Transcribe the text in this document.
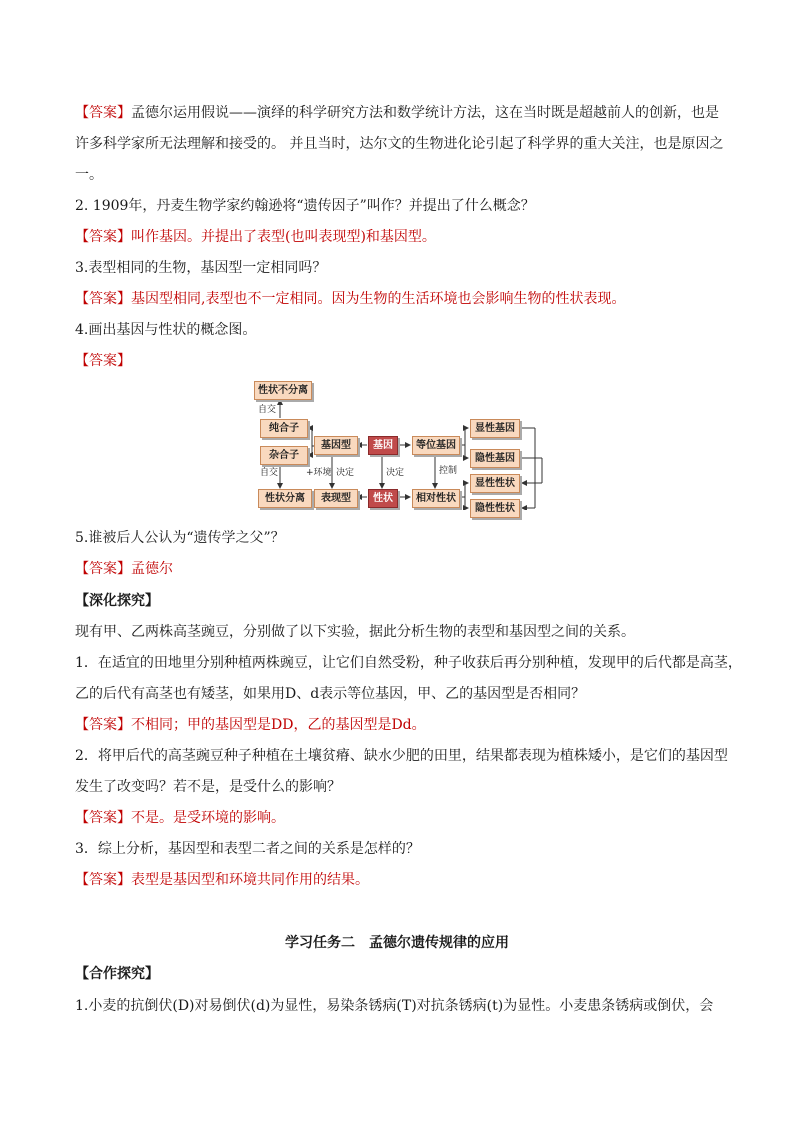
【答案】孟德尔运用假说——演绎的科学研究方法和数学统计方法，这在当时既是超越前人的创新，也是
许多科学家所无法理解和接受的。 并且当时，达尔文的生物进化论引起了科学界的重大关注，也是原因之
一。
2. 1909年，丹麦生物学家约翰逊将“遗传因子”叫作？并提出了什么概念？
【答案】叫作基因。并提出了表型(也叫表现型)和基因型。
3.表型相同的生物，基因型一定相同吗？
【答案】基因型相同,表型也不一定相同。因为生物的生活环境也会影响生物的性状表现。
4.画出基因与性状的概念图。
【答案】
性状不分离
纯合子
杂合子
性状分离
基因型
表现型
基因
性状
等位基因
相对性状
显性基因
隐性基因
显性性状
隐性性状
自交
自交	+环境 决定	决定	控制
5.谁被后人公认为“遗传学之父”？
【答案】孟德尔
【深化探究】
现有甲、乙两株高茎豌豆，分别做了以下实验，据此分析生物的表型和基因型之间的关系。
1．在适宜的田地里分别种植两株豌豆，让它们自然受粉，种子收获后再分别种植，发现甲的后代都是高茎，
乙的后代有高茎也有矮茎，如果用D、d表示等位基因，甲、乙的基因型是否相同？
【答案】不相同；甲的基因型是DD，乙的基因型是Dd。
2．将甲后代的高茎豌豆种子种植在土壤贫瘠、缺水少肥的田里，结果都表现为植株矮小，是它们的基因型
发生了改变吗？若不是，是受什么的影响？
【答案】不是。是受环境的影响。
3．综上分析，基因型和表型二者之间的关系是怎样的？
【答案】表型是基因型和环境共同作用的结果。
学习任务二　孟德尔遗传规律的应用
【合作探究】
1.小麦的抗倒伏(D)对易倒伏(d)为显性，易染条锈病(T)对抗条锈病(t)为显性。小麦患条锈病或倒伏，会
